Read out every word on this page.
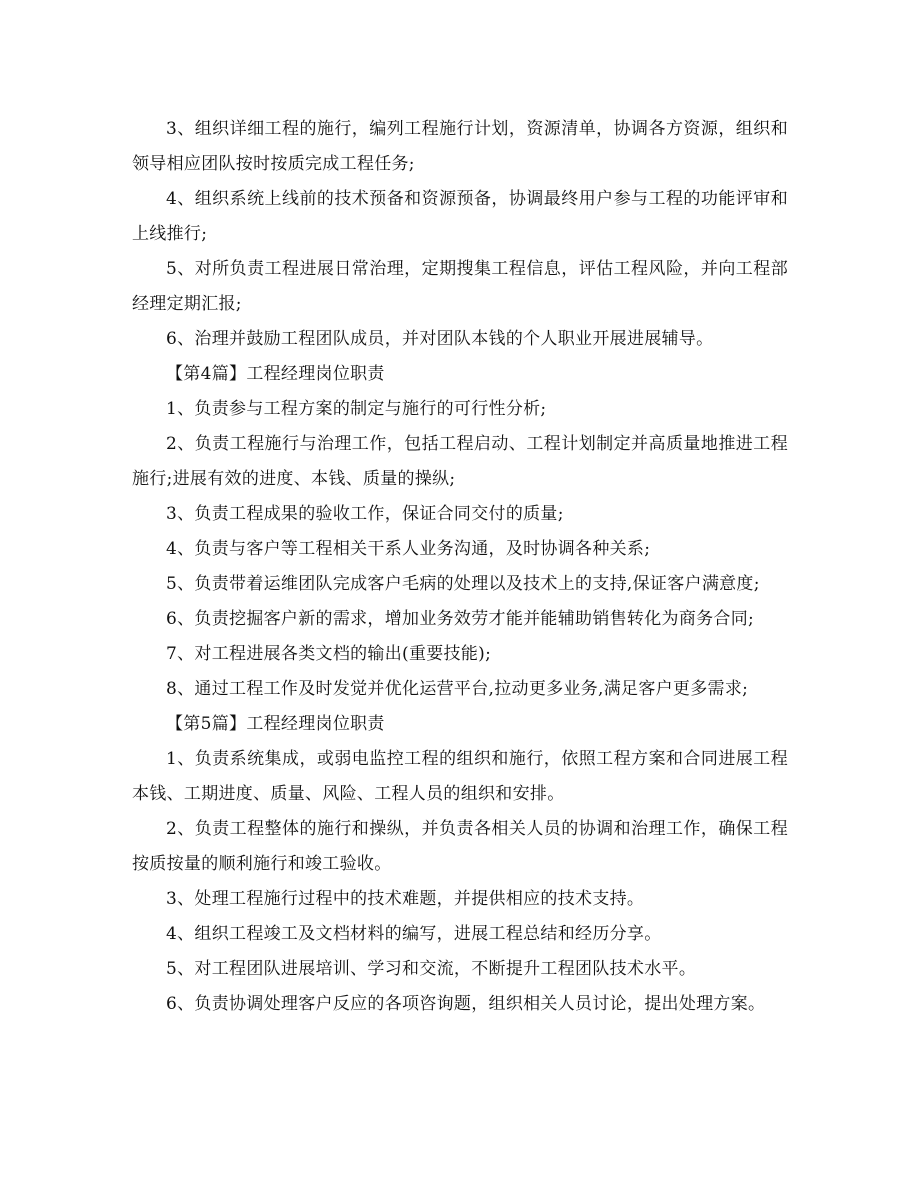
3、组织详细工程的施行，编列工程施行计划，资源清单，协调各方资源，组织和领导相应团队按时按质完成工程任务;

4、组织系统上线前的技术预备和资源预备，协调最终用户参与工程的功能评审和上线推行;

5、对所负责工程进展日常治理，定期搜集工程信息，评估工程风险，并向工程部经理定期汇报;

6、治理并鼓励工程团队成员，并对团队本钱的个人职业开展进展辅导。

【第4篇】工程经理岗位职责

1、负责参与工程方案的制定与施行的可行性分析;

2、负责工程施行与治理工作，包括工程启动、工程计划制定并高质量地推进工程施行;进展有效的进度、本钱、质量的操纵;

3、负责工程成果的验收工作，保证合同交付的质量;

4、负责与客户等工程相关干系人业务沟通，及时协调各种关系;

5、负责带着运维团队完成客户毛病的处理以及技术上的支持,保证客户满意度;

6、负责挖掘客户新的需求，增加业务效劳才能并能辅助销售转化为商务合同;

7、对工程进展各类文档的输出(重要技能);

8、通过工程工作及时发觉并优化运营平台,拉动更多业务,满足客户更多需求;

【第5篇】工程经理岗位职责

1、负责系统集成，或弱电监控工程的组织和施行，依照工程方案和合同进展工程本钱、工期进度、质量、风险、工程人员的组织和安排。

2、负责工程整体的施行和操纵，并负责各相关人员的协调和治理工作，确保工程按质按量的顺利施行和竣工验收。

3、处理工程施行过程中的技术难题，并提供相应的技术支持。

4、组织工程竣工及文档材料的编写，进展工程总结和经历分享。

5、对工程团队进展培训、学习和交流，不断提升工程团队技术水平。

6、负责协调处理客户反应的各项咨询题，组织相关人员讨论，提出处理方案。
